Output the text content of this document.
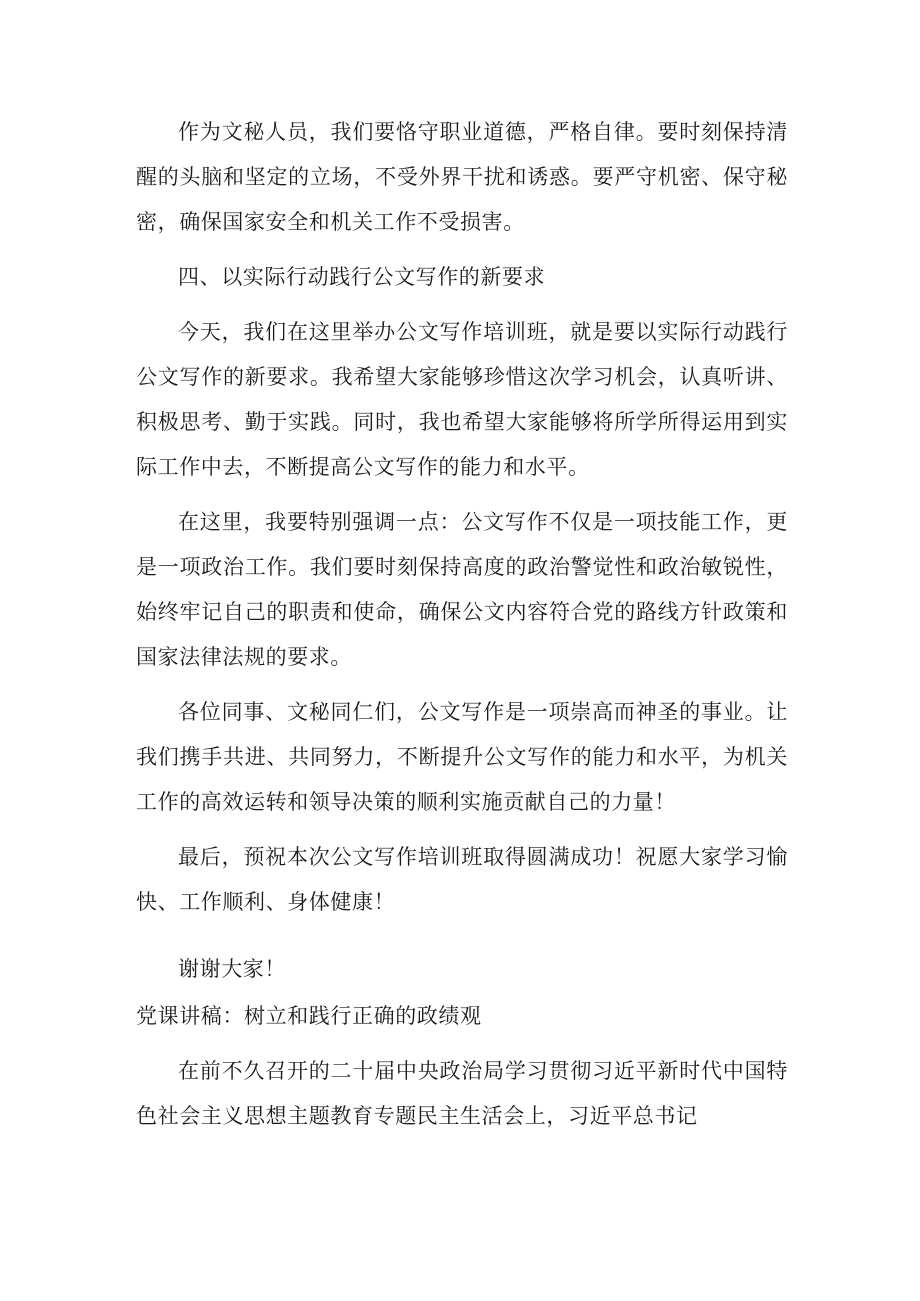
作为文秘人员，我们要恪守职业道德，严格自律。要时刻保持清醒的头脑和坚定的立场，不受外界干扰和诱惑。要严守机密、保守秘密，确保国家安全和机关工作不受损害。

四、以实际行动践行公文写作的新要求

今天，我们在这里举办公文写作培训班，就是要以实际行动践行公文写作的新要求。我希望大家能够珍惜这次学习机会，认真听讲、积极思考、勤于实践。同时，我也希望大家能够将所学所得运用到实际工作中去，不断提高公文写作的能力和水平。

在这里，我要特别强调一点：公文写作不仅是一项技能工作，更是一项政治工作。我们要时刻保持高度的政治警觉性和政治敏锐性，始终牢记自己的职责和使命，确保公文内容符合党的路线方针政策和国家法律法规的要求。

各位同事、文秘同仁们，公文写作是一项崇高而神圣的事业。让我们携手共进、共同努力，不断提升公文写作的能力和水平，为机关工作的高效运转和领导决策的顺利实施贡献自己的力量！

最后，预祝本次公文写作培训班取得圆满成功！祝愿大家学习愉快、工作顺利、身体健康！

谢谢大家！

党课讲稿：树立和践行正确的政绩观

在前不久召开的二十届中央政治局学习贯彻习近平新时代中国特色社会主义思想主题教育专题民主生活会上，习近平总书记
